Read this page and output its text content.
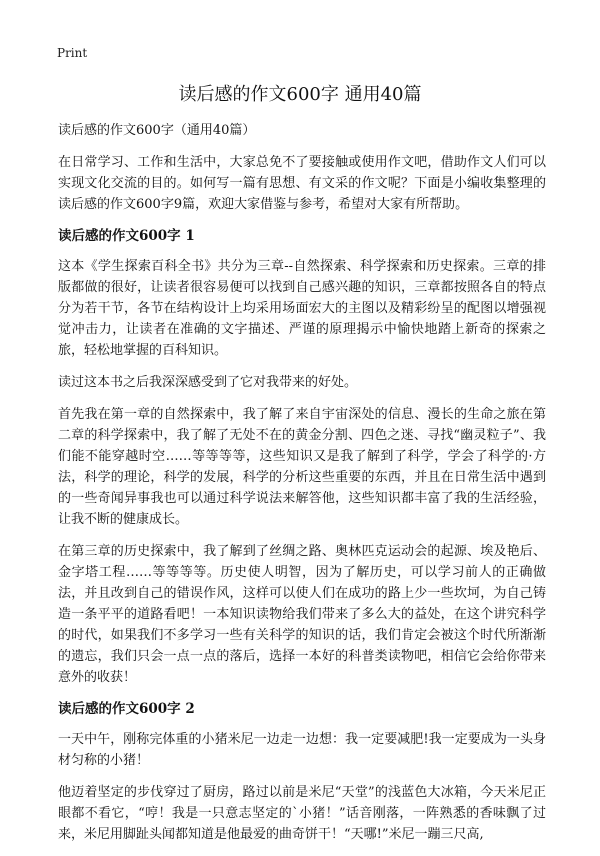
Print
读后感的作文600字 通用40篇

读后感的作文600字（通用40篇）

在日常学习、工作和生活中，大家总免不了要接触或使用作文吧，借助作文人们可以实现文化交流的目的。如何写一篇有思想、有文采的作文呢？下面是小编收集整理的读后感的作文600字9篇，欢迎大家借鉴与参考，希望对大家有所帮助。

读后感的作文600字 1

这本《学生探索百科全书》共分为三章--自然探索、科学探索和历史探索。三章的排版都做的很好，让读者很容易便可以找到自己感兴趣的知识，三章都按照各自的特点分为若干节，各节在结构设计上均采用场面宏大的主图以及精彩纷呈的配图以增强视觉冲击力，让读者在准确的文字描述、严谨的原理揭示中愉快地踏上新奇的探索之旅，轻松地掌握的百科知识。

读过这本书之后我深深感受到了它对我带来的好处。

首先我在第一章的自然探索中，我了解了来自宇宙深处的信息、漫长的生命之旅在第二章的科学探索中，我了解了无处不在的黄金分割、四色之迷、寻找“幽灵粒子”、我们能不能穿越时空……等等等等，这些知识又是我了解到了科学，学会了科学的·方法，科学的理论，科学的发展，科学的分析这些重要的东西，并且在日常生活中遇到的一些奇闻异事我也可以通过科学说法来解答他，这些知识都丰富了我的生活经验，让我不断的健康成长。

在第三章的历史探索中，我了解到了丝绸之路、奥林匹克运动会的起源、埃及艳后、金字塔工程……等等等等。历史使人明智，因为了解历史，可以学习前人的正确做法，并且改到自己的错误作风，这样可以使人们在成功的路上少一些坎坷，为自己铸造一条平平的道路看吧！一本知识读物给我们带来了多么大的益处，在这个讲究科学的时代，如果我们不多学习一些有关科学的知识的话，我们肯定会被这个时代所渐渐的遗忘，我们只会一点一点的落后，选择一本好的科普类读物吧，相信它会给你带来意外的收获！

读后感的作文600字 2

一天中午，刚称完体重的小猪米尼一边走一边想：我一定要减肥!我一定要成为一头身材匀称的小猪！

他迈着坚定的步伐穿过了厨房，路过以前是米尼“天堂”的浅蓝色大冰箱，今天米尼正眼都不看它，“哼！我是一只意志坚定的`小猪！”话音刚落，一阵熟悉的香味飘了过来，米尼用脚趾头闻都知道是他最爱的曲奇饼干！“天哪!”米尼一蹦三尺高,
